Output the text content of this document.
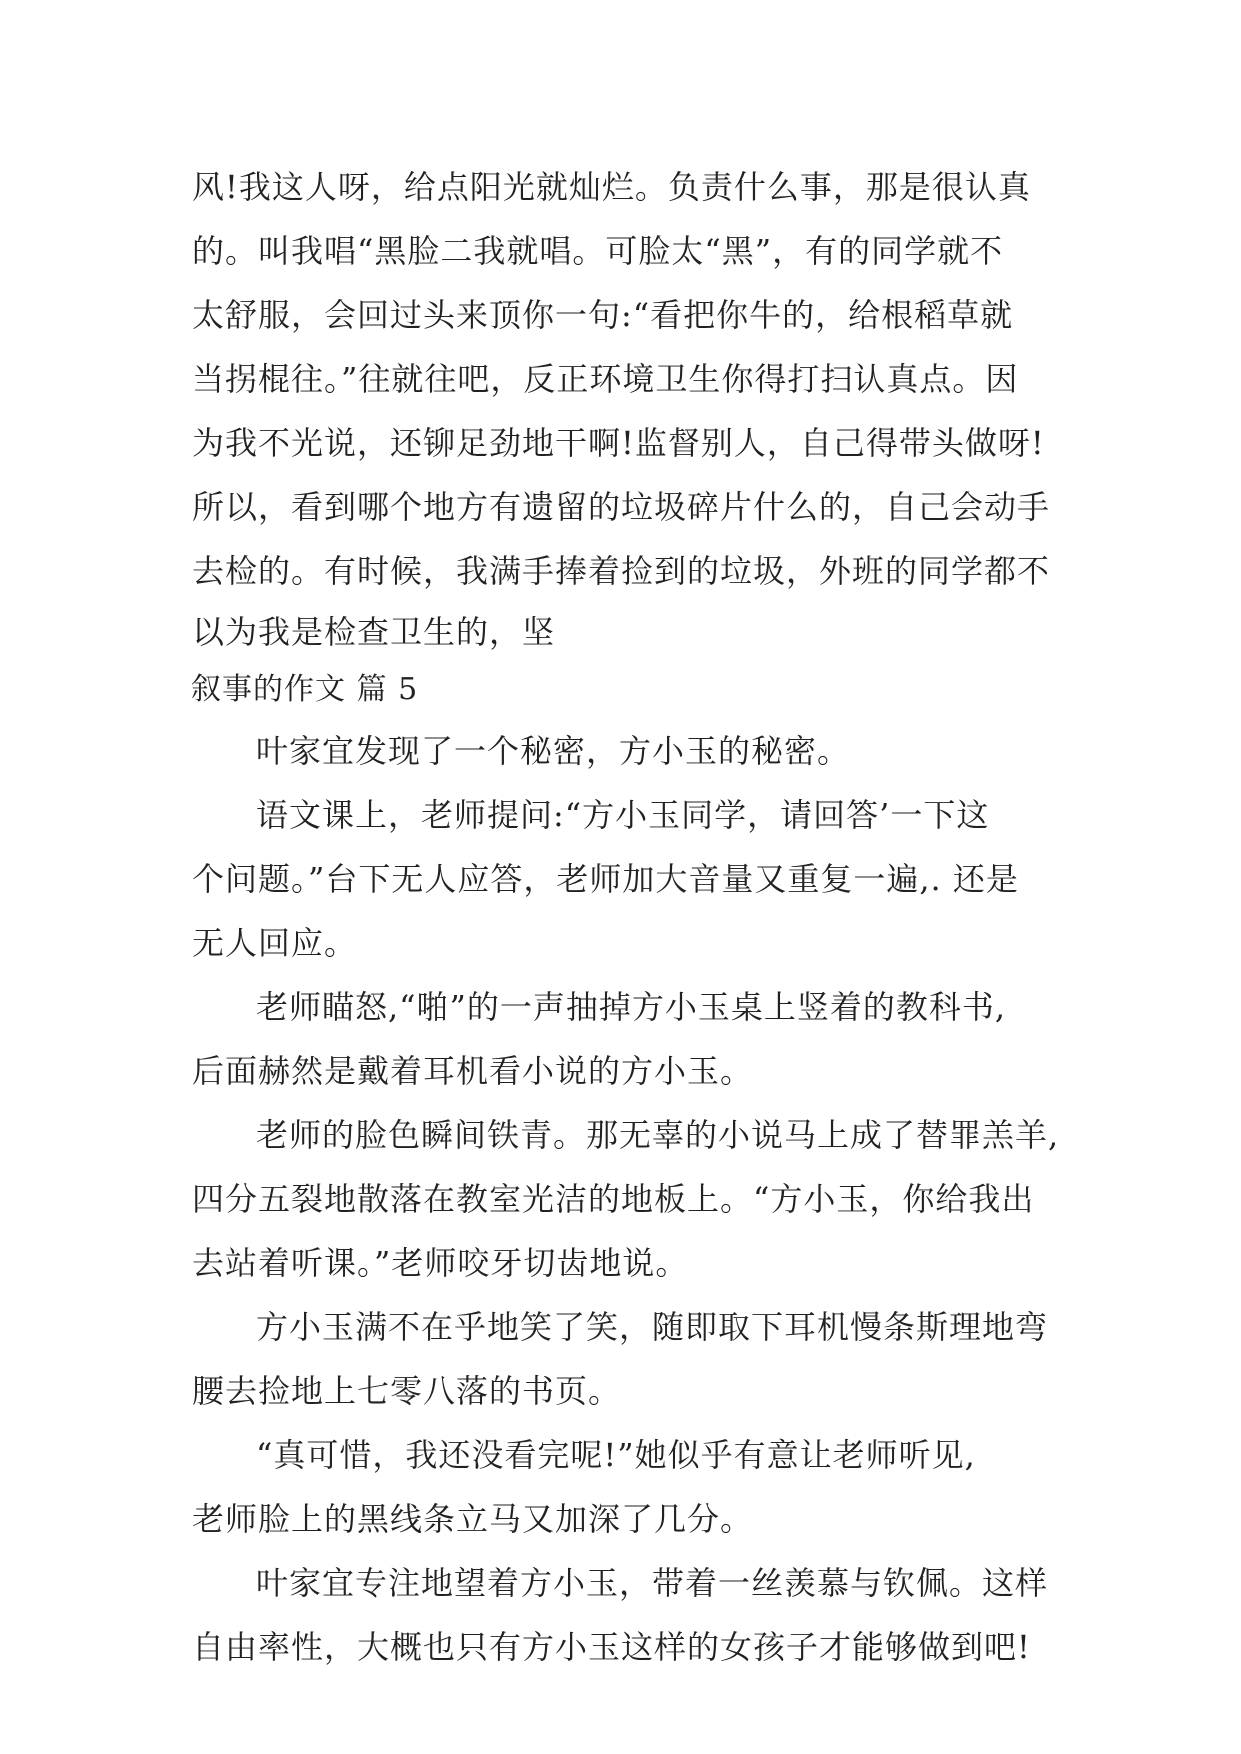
风!我这人呀，给点阳光就灿烂。负责什么事，那是很认真
的。叫我唱“黑脸二我就唱。可脸太“黑”，有的同学就不
太舒服，会回过头来顶你一句:“看把你牛的，给根稻草就
当拐棍往。”往就往吧，反正环境卫生你得打扫认真点。因
为我不光说，还铆足劲地干啊!监督别人，自己得带头做呀!
所以，看到哪个地方有遗留的垃圾碎片什么的，自己会动手
去检的。有时候，我满手捧着捡到的垃圾，外班的同学都不
以为我是检查卫生的，坚
叙事的作文 篇 5
叶家宜发现了一个秘密，方小玉的秘密。
语文课上，老师提问:“方小玉同学，请回答’一下这
个问题。”台下无人应答，老师加大音量又重复一遍,. 还是
无人回应。
老师瞄怒,“啪”的一声抽掉方小玉桌上竖着的教科书,
后面赫然是戴着耳机看小说的方小玉。
老师的脸色瞬间铁青。那无辜的小说马上成了替罪羔羊,
四分五裂地散落在教室光洁的地板上。“方小玉，你给我出
去站着听课。”老师咬牙切齿地说。
方小玉满不在乎地笑了笑，随即取下耳机慢条斯理地弯
腰去捡地上七零八落的书页。
“真可惜，我还没看完呢!”她似乎有意让老师听见,
老师脸上的黑线条立马又加深了几分。
叶家宜专注地望着方小玉，带着一丝羡慕与钦佩。这样
自由率性，大概也只有方小玉这样的女孩子才能够做到吧!
